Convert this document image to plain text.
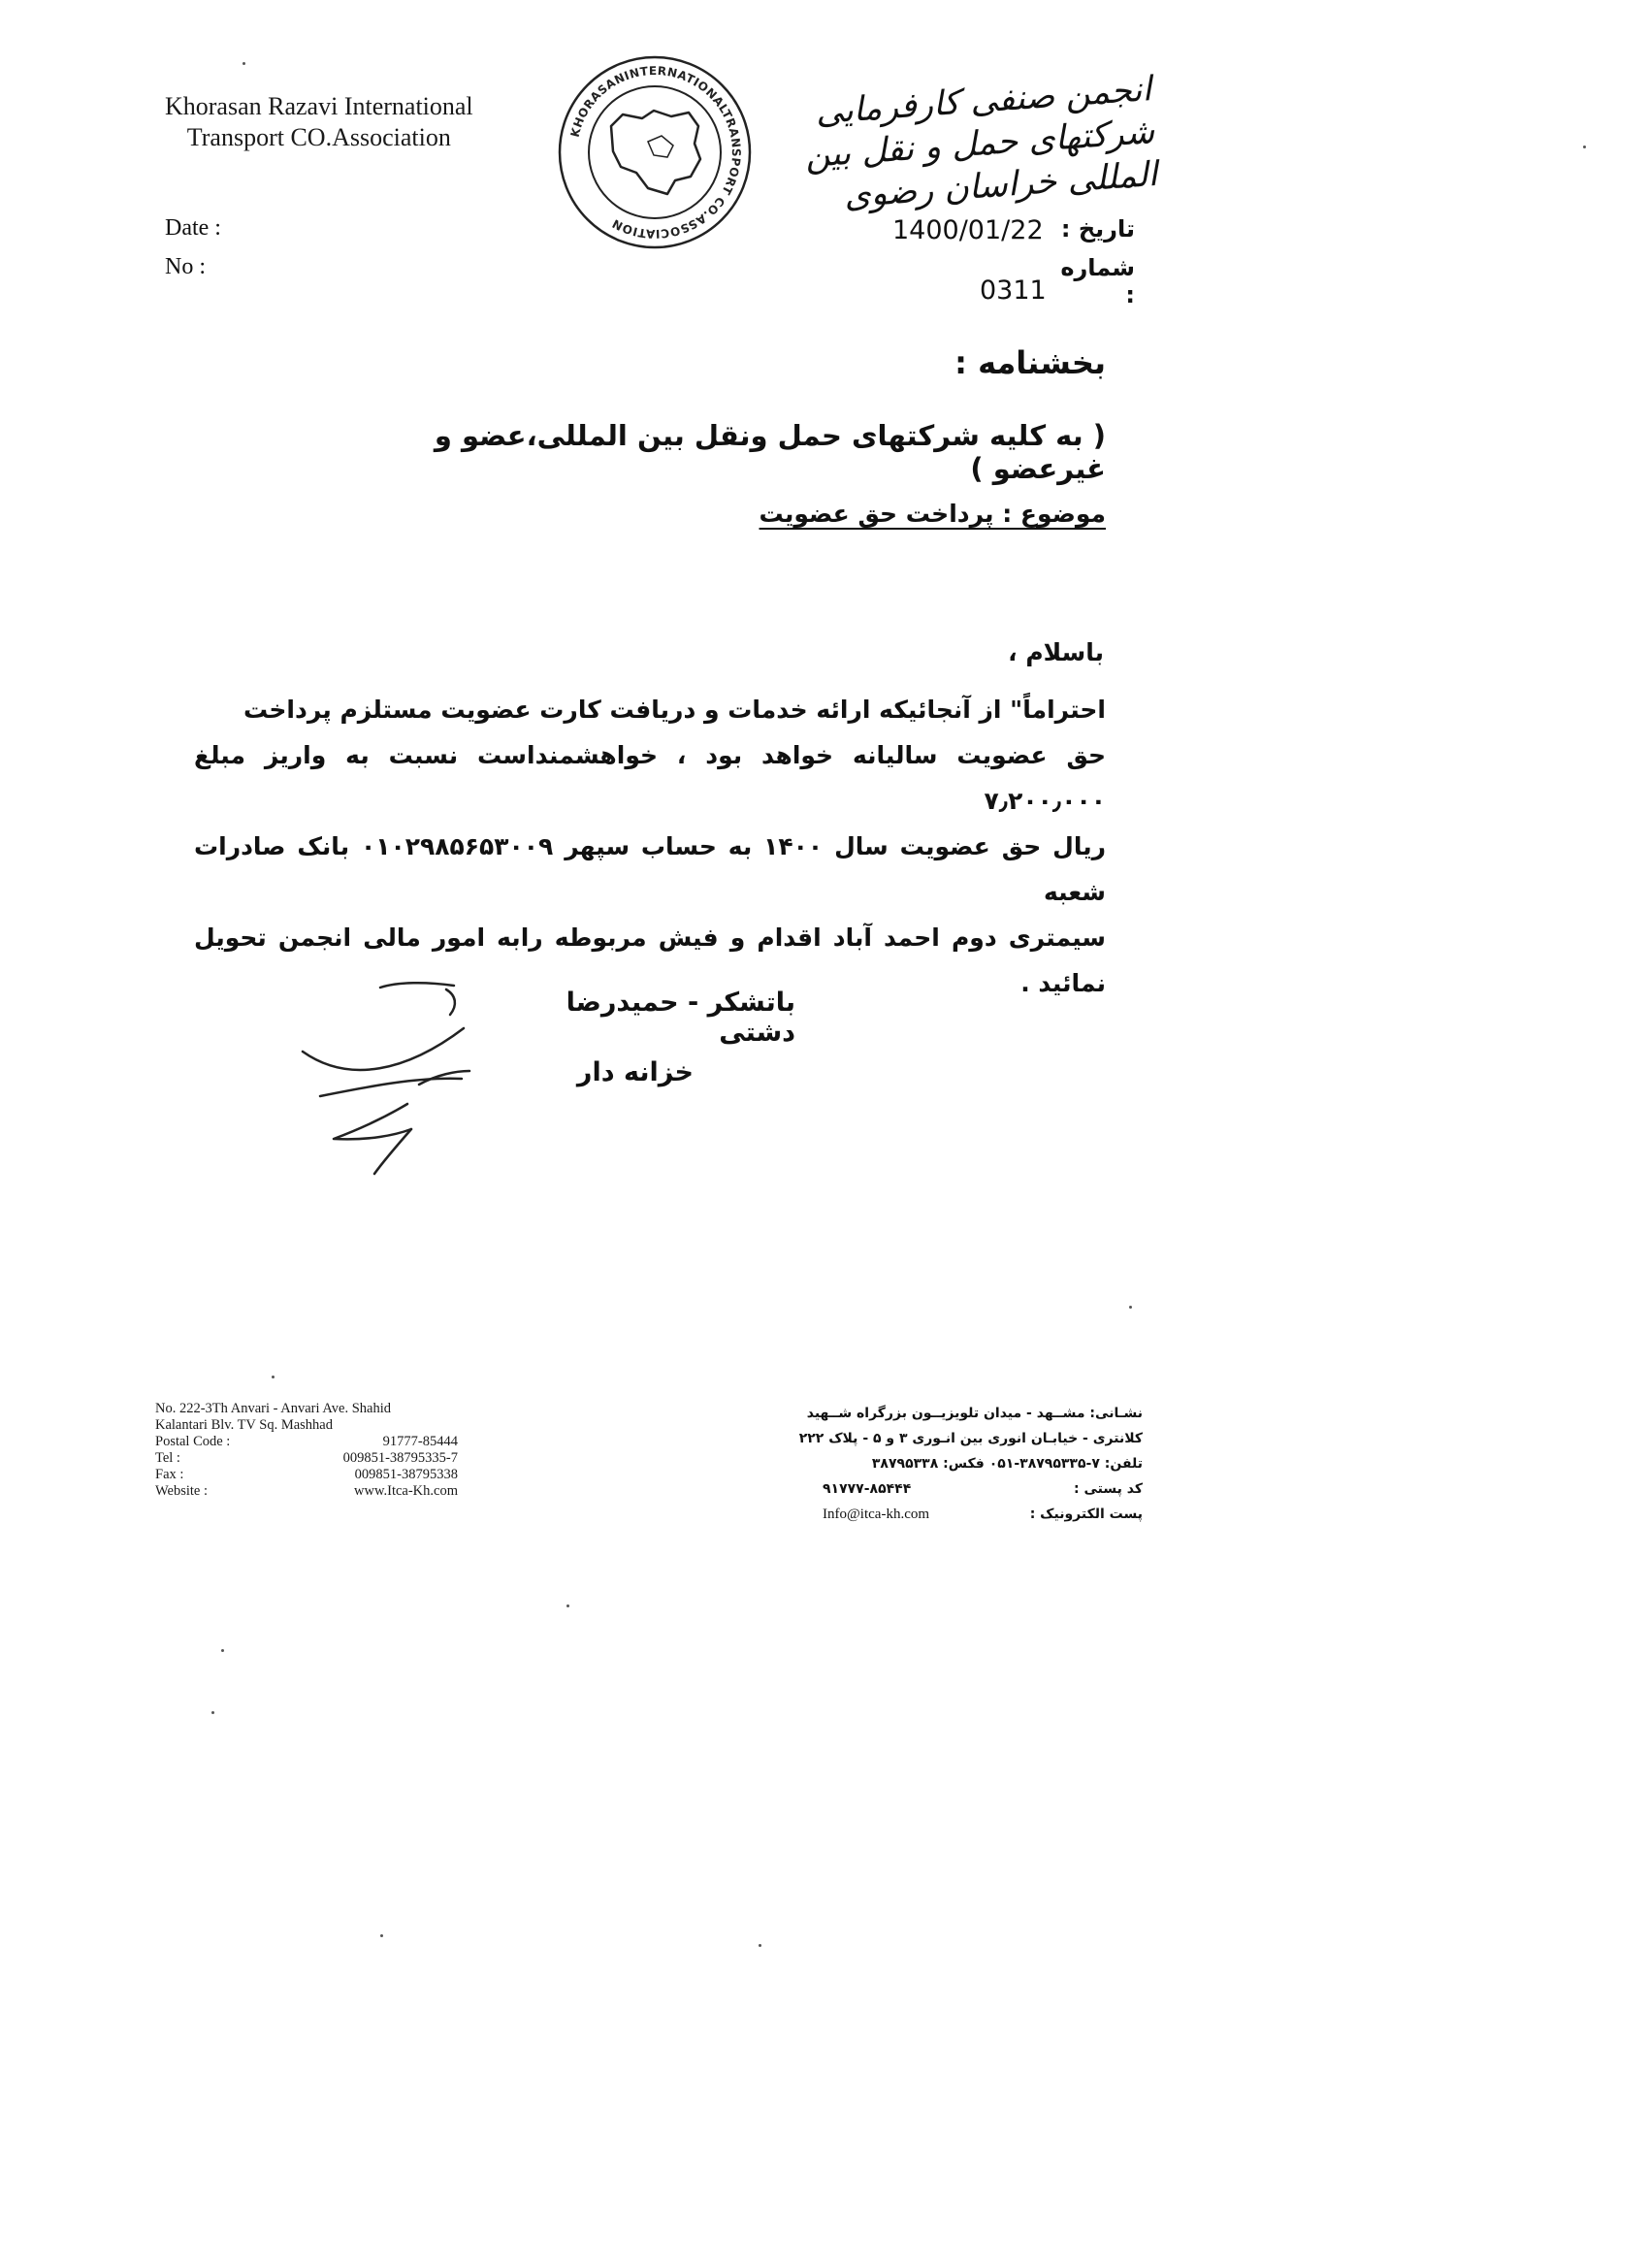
Khorasan Razavi International
Transport CO.Association	KHORASANINTERNATIONALTRANSPORT CO.ASSOCIATION
انجمن صنفی کارفرمایی شرکتهای حمل و نقل بین المللی خراسان رضوی
Date :
No :
تاریخ :
1400/01/22
شماره :
0311
بخشنامه :
( به کلیه شرکتهای حمل ونقل بین المللی،عضو و غیرعضو )
موضوع : پرداخت حق عضویت
باسلام ،

احتراماً" از آنجائیکه ارائه خدمات و دریافت کارت عضویت مستلزم پرداخت

حق عضویت سالیانه خواهد بود ، خواهشمنداست نسبت به واریز مبلغ ۷٫۲۰۰٫۰۰۰

ریال حق عضویت سال ۱۴۰۰ به حساب سپهر ۰۱۰۲۹۸۵۶۵۳۰۰۹ بانک صادرات شعبه

سیمتری دوم احمد آباد اقدام و فیش مربوطه رابه امور مالی انجمن تحویل نمائید .

باتشکر - حمیدرضا دشتی
خزانه دار
No. 222-3Th Anvari - Anvari Ave. Shahid
Kalantari Blv. TV Sq. Mashhad
Postal Code :	91777-85444
Tel :	009851-38795335-7
Fax :	009851-38795338
Website :	www.Itca-Kh.com
نشـانی: مشــهد - میدان تلویزیــون بزرگراه شــهید
کلانتری - خیابـان انوری بین انـوری ۳ و ۵ - پلاک ۲۲۲
تلفن: ۷-۳۸۷۹۵۳۳۵-۰۵۱ فکس: ۳۸۷۹۵۳۳۸
کد پستی :
۹۱۷۷۷-۸۵۴۴۴
پست الکترونیک :
Info@itca-kh.com
